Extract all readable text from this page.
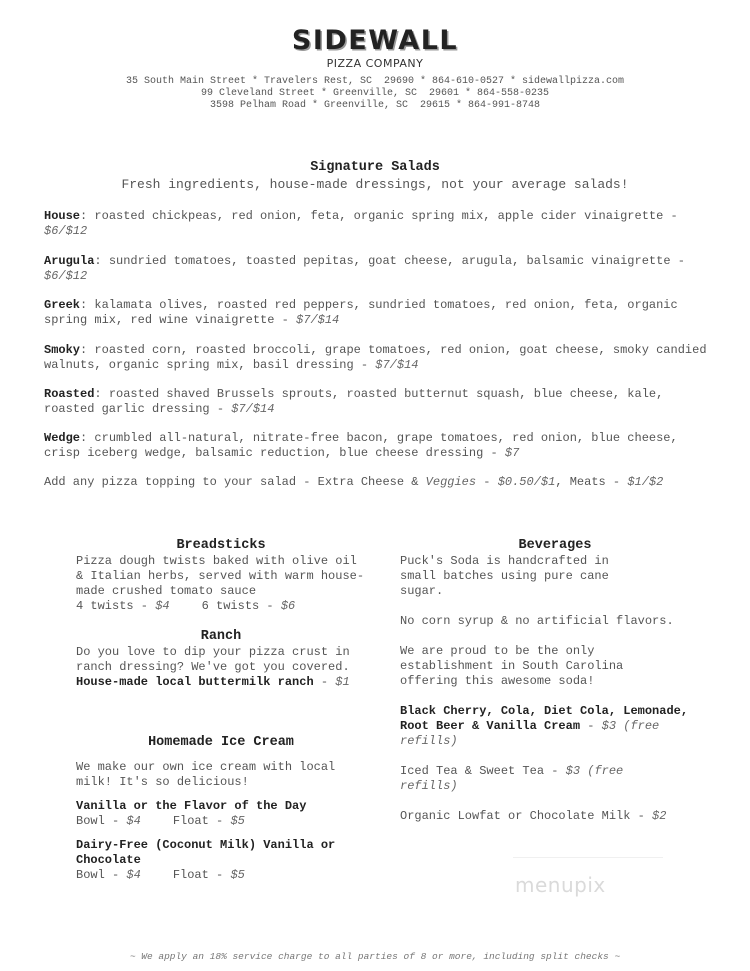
SIDEWALL
PIZZA COMPANY
35 South Main Street * Travelers Rest, SC  29690 * 864-610-0527 * sidewallpizza.com
99 Cleveland Street * Greenville, SC  29601 * 864-558-0235
3598 Pelham Road * Greenville, SC  29615 * 864-991-8748
Signature Salads
Fresh ingredients, house-made dressings, not your average salads!
House: roasted chickpeas, red onion, feta, organic spring mix, apple cider vinaigrette -
$6/$12
Arugula: sundried tomatoes, toasted pepitas, goat cheese, arugula, balsamic vinaigrette -
$6/$12
Greek: kalamata olives, roasted red peppers, sundried tomatoes, red onion, feta, organic spring mix, red wine vinaigrette - $7/$14
Smoky: roasted corn, roasted broccoli, grape tomatoes, red onion, goat cheese, smoky candied walnuts, organic spring mix, basil dressing - $7/$14
Roasted: roasted shaved Brussels sprouts, roasted butternut squash, blue cheese, kale, roasted garlic dressing - $7/$14
Wedge: crumbled all-natural, nitrate-free bacon, grape tomatoes, red onion, blue cheese, crisp iceberg wedge, balsamic reduction, blue cheese dressing - $7
Add any pizza topping to your salad - Extra Cheese & Veggies - $0.50/$1, Meats - $1/$2
Breadsticks
Pizza dough twists baked with olive oil & Italian herbs, served with warm house-made crushed tomato sauce
4 twists - $4	6 twists - $6
Ranch
Do you love to dip your pizza crust in ranch dressing? We've got you covered. House-made local buttermilk ranch - $1
Homemade Ice Cream
We make our own ice cream with local milk! It's so delicious!
Vanilla or the Flavor of the Day
Bowl - $4	Float - $5
Dairy-Free (Coconut Milk) Vanilla or Chocolate
Bowl - $4	Float - $5
Beverages
Puck's Soda is handcrafted in small batches using pure cane sugar.
No corn syrup & no artificial flavors.
We are proud to be the only establishment in South Carolina offering this awesome soda!
Black Cherry, Cola, Diet Cola, Lemonade, Root Beer & Vanilla Cream - $3 (free refills)
Iced Tea & Sweet Tea - $3 (free refills)
Organic Lowfat or Chocolate Milk - $2
menupix
~ We apply an 18% service charge to all parties of 8 or more, including split checks ~
